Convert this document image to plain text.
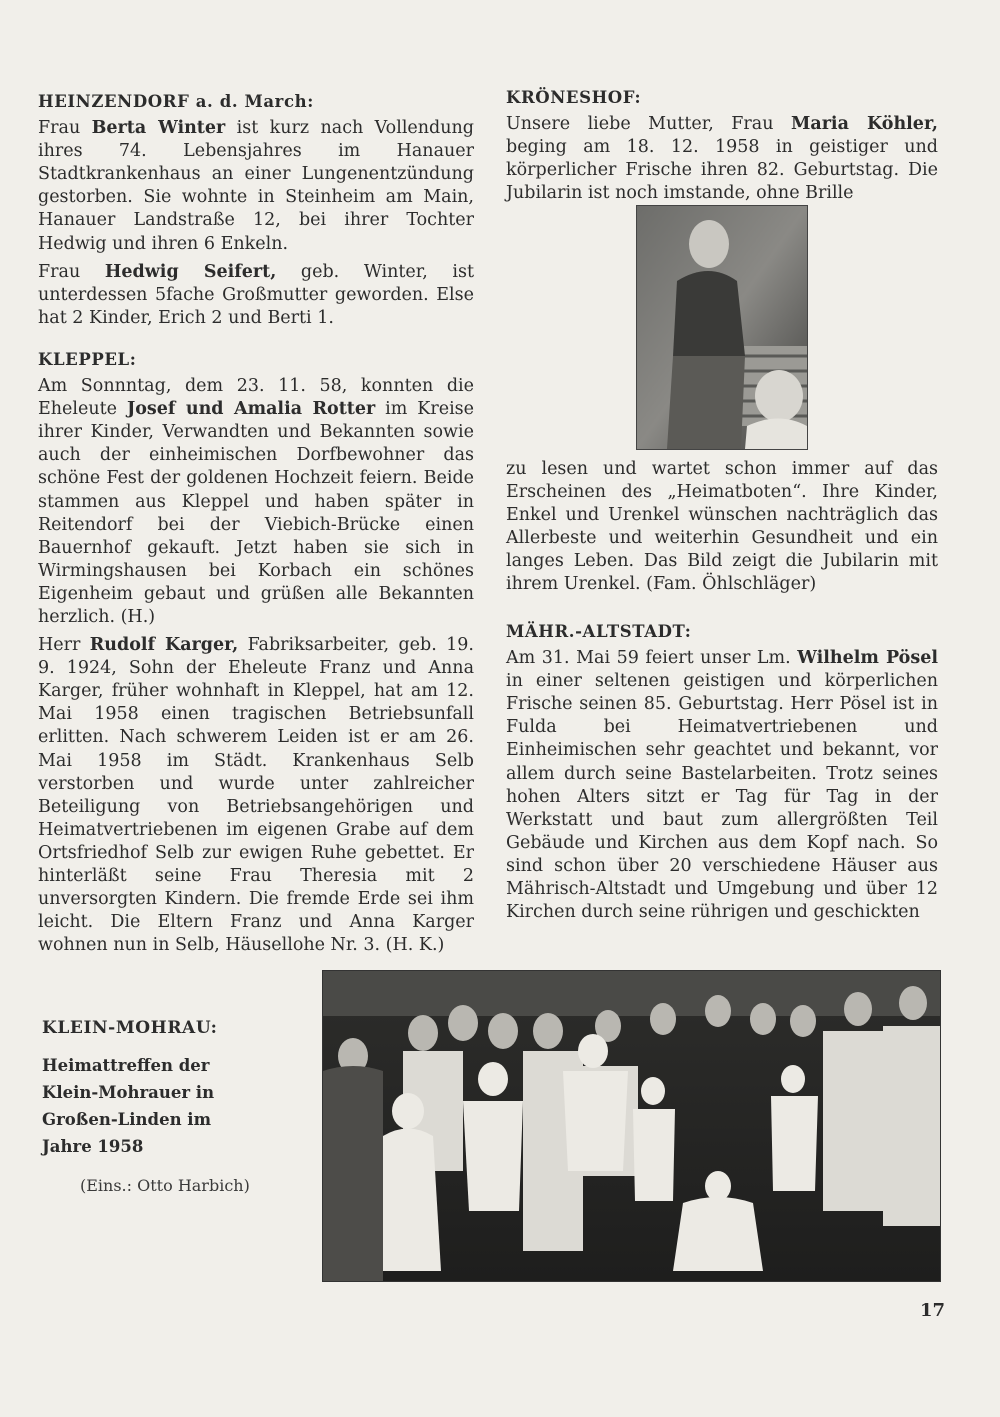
HEINZENDORF a. d. March:

Frau Berta Winter ist kurz nach Vollendung ihres 74. Lebensjahres im Hanauer Stadtkrankenhaus an einer Lungenentzündung gestorben. Sie wohnte in Steinheim am Main, Hanauer Landstraße 12, bei ihrer Tochter Hedwig und ihren 6 Enkeln.

Frau Hedwig Seifert, geb. Winter, ist unterdessen 5fache Großmutter geworden. Else hat 2 Kinder, Erich 2 und Berti 1.

KLEPPEL:

Am Sonnntag, dem 23. 11. 58, konnten die Eheleute Josef und Amalia Rotter im Kreise ihrer Kinder, Verwandten und Bekannten sowie auch der einheimischen Dorfbewohner das schöne Fest der goldenen Hochzeit feiern. Beide stammen aus Kleppel und haben später in Reitendorf bei der Viebich-Brücke einen Bauernhof gekauft. Jetzt haben sie sich in Wirmingshausen bei Korbach ein schönes Eigenheim gebaut und grüßen alle Bekannten herzlich. (H.)

Herr Rudolf Karger, Fabriksarbeiter, geb. 19. 9. 1924, Sohn der Eheleute Franz und Anna Karger, früher wohnhaft in Kleppel, hat am 12. Mai 1958 einen tragischen Betriebsunfall erlitten. Nach schwerem Leiden ist er am 26. Mai 1958 im Städt. Krankenhaus Selb verstorben und wurde unter zahlreicher Beteiligung von Betriebsangehörigen und Heimatvertriebenen im eigenen Grabe auf dem Ortsfriedhof Selb zur ewigen Ruhe gebettet. Er hinterläßt seine Frau Theresia mit 2 unversorgten Kindern. Die fremde Erde sei ihm leicht. Die Eltern Franz und Anna Karger wohnen nun in Selb, Häusellohe Nr. 3. (H. K.)

KRÖNESHOF:

Unsere liebe Mutter, Frau Maria Köhler, beging am 18. 12. 1958 in geistiger und körperlicher Frische ihren 82. Geburtstag. Die Jubilarin ist noch imstande, ohne Brille

zu lesen und wartet schon immer auf das Erscheinen des „Heimatboten“. Ihre Kinder, Enkel und Urenkel wünschen nachträglich das Allerbeste und weiterhin Gesundheit und ein langes Leben. Das Bild zeigt die Jubilarin mit ihrem Urenkel. (Fam. Öhlschläger)

MÄHR.-ALTSTADT:

Am 31. Mai 59 feiert unser Lm. Wilhelm Pösel in einer seltenen geistigen und körperlichen Frische seinen 85. Geburtstag. Herr Pösel ist in Fulda bei Heimatvertriebenen und Einheimischen sehr geachtet und bekannt, vor allem durch seine Bastelarbeiten. Trotz seines hohen Alters sitzt er Tag für Tag in der Werkstatt und baut zum allergrößten Teil Gebäude und Kirchen aus dem Kopf nach. So sind schon über 20 verschiedene Häuser aus Mährisch-Altstadt und Umgebung und über 12 Kirchen durch seine rührigen und geschickten

KLEIN-MOHRAU:
Heimattreffen der
Klein-Mohrauer in
Großen-Linden im
Jahre 1958
(Eins.: Otto Harbich)
17
